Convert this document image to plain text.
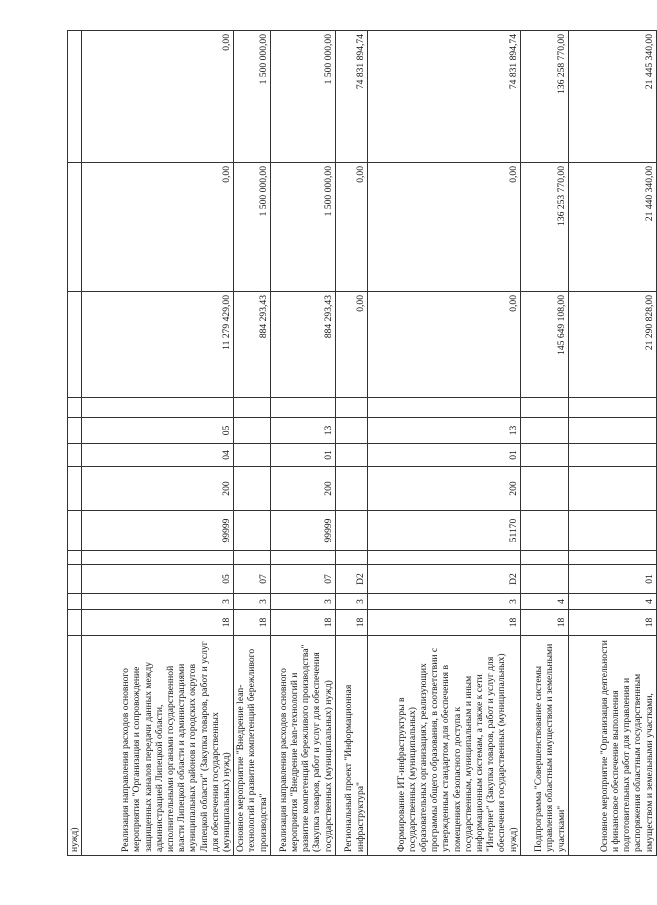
нужд)												
Реализация направления расходов основного мероприятия "Организация и сопровождение защищенных каналов передачи данных между администрацией Липецкой области, исполнительными органами государственной власти Липецкой области и администрациями муниципальных районов и городских округов Липецкой области" (Закупка товаров, работ и услуг для обеспечения государственных (муниципальных) нужд)	18	3	05		99999	200	04	05		11 279 429,00	0,00	0,00
Основное мероприятие "Внедрение lean-технологий и развитие компетенций бережливого производства"	18	3	07							884 293,43	1 500 000,00	1 500 000,00
Реализация направления расходов основного мероприятия "Внедрение lean-технологий и развитие компетенций бережливого производства" (Закупка товаров, работ и услуг для обеспечения государственных (муниципальных) нужд)	18	3	07		99999	200	01	13		884 293,43	1 500 000,00	1 500 000,00
Региональный проект "Информационная инфраструктура"	18	3	D2							0,00	0,00	74 831 894,74
Формирование ИТ-инфраструктуры в государственных (муниципальных) образовательных организациях, реализующих программы общего образования, в соответствии с утвержденным стандартом для обеспечения в помещениях безопасного доступа к государственным, муниципальным и иным информационным системам, а также к сети "Интернет" (Закупка товаров, работ и услуг для обеспечения государственных (муниципальных) нужд)	18	3	D2		51170	200	01	13		0,00	0,00	74 831 894,74
Подпрограмма "Совершенствование системы управления областным имуществом и земельными участками"	18	4								145 649 108,00	136 253 770,00	136 258 770,00
Основное мероприятие "Организация деятельности и финансовое обеспечение выполнения подготовительных работ для управления и распоряжения областным государственным имуществом и земельными участками,	18	4	01							21 290 828,00	21 440 340,00	21 445 340,00
